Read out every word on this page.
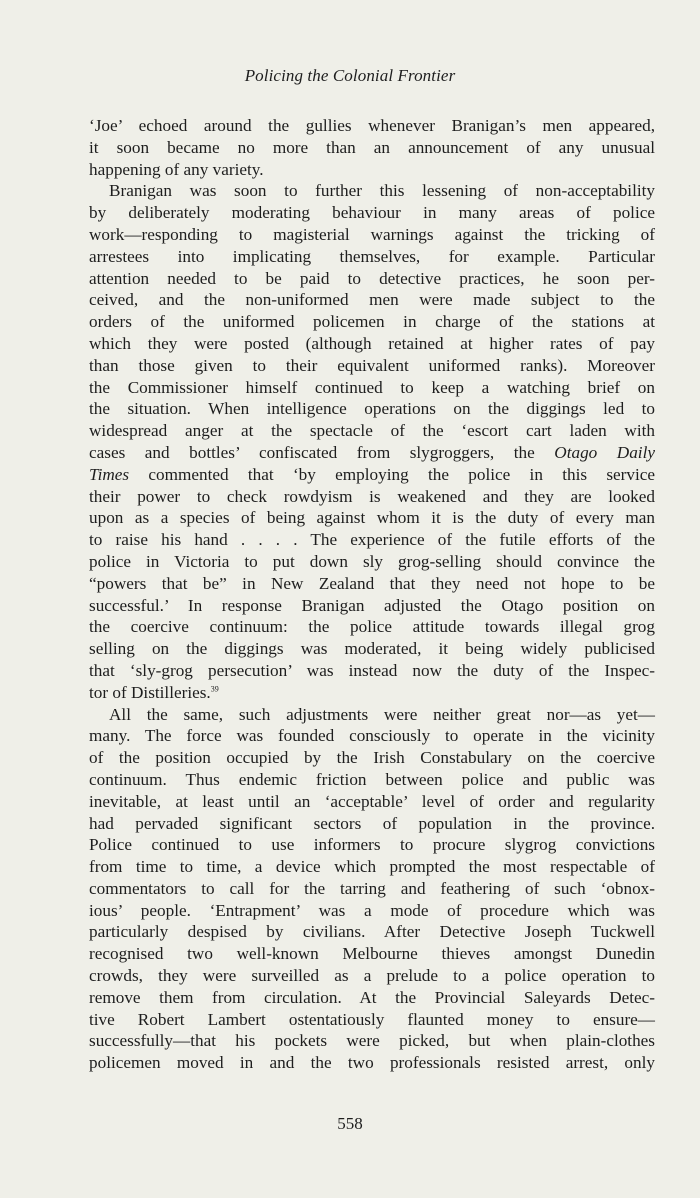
Policing the Colonial Frontier
‘Joe’ echoed around the gullies whenever Branigan’s men appeared,
it soon became no more than an announcement of any unusual
happening of any variety.
Branigan was soon to further this lessening of non-acceptability
by deliberately moderating behaviour in many areas of police
work—responding to magisterial warnings against the tricking of
arrestees into implicating themselves, for example. Particular
attention needed to be paid to detective practices, he soon per-
ceived, and the non-uniformed men were made subject to the
orders of the uniformed policemen in charge of the stations at
which they were posted (although retained at higher rates of pay
than those given to their equivalent uniformed ranks). Moreover
the Commissioner himself continued to keep a watching brief on
the situation. When intelligence operations on the diggings led to
widespread anger at the spectacle of the ‘escort cart laden with
cases and bottles’ confiscated from slygroggers, the Otago Daily
Times commented that ‘by employing the police in this service
their power to check rowdyism is weakened and they are looked
upon as a species of being against whom it is the duty of every man
to raise his hand . . . . The experience of the futile efforts of the
police in Victoria to put down sly grog-selling should convince the
“powers that be” in New Zealand that they need not hope to be
successful.’ In response Branigan adjusted the Otago position on
the coercive continuum: the police attitude towards illegal grog
selling on the diggings was moderated, it being widely publicised
that ‘sly-grog persecution’ was instead now the duty of the Inspec-
tor of Distilleries.$^{39}$
All the same, such adjustments were neither great nor—as yet—
many. The force was founded consciously to operate in the vicinity
of the position occupied by the Irish Constabulary on the coercive
continuum. Thus endemic friction between police and public was
inevitable, at least until an ‘acceptable’ level of order and regularity
had pervaded significant sectors of population in the province.
Police continued to use informers to procure slygrog convictions
from time to time, a device which prompted the most respectable of
commentators to call for the tarring and feathering of such ‘obnox-
ious’ people. ‘Entrapment’ was a mode of procedure which was
particularly despised by civilians. After Detective Joseph Tuckwell
recognised two well-known Melbourne thieves amongst Dunedin
crowds, they were surveilled as a prelude to a police operation to
remove them from circulation. At the Provincial Saleyards Detec-
tive Robert Lambert ostentatiously flaunted money to ensure—
successfully—that his pockets were picked, but when plain-clothes
policemen moved in and the two professionals resisted arrest, only
558
